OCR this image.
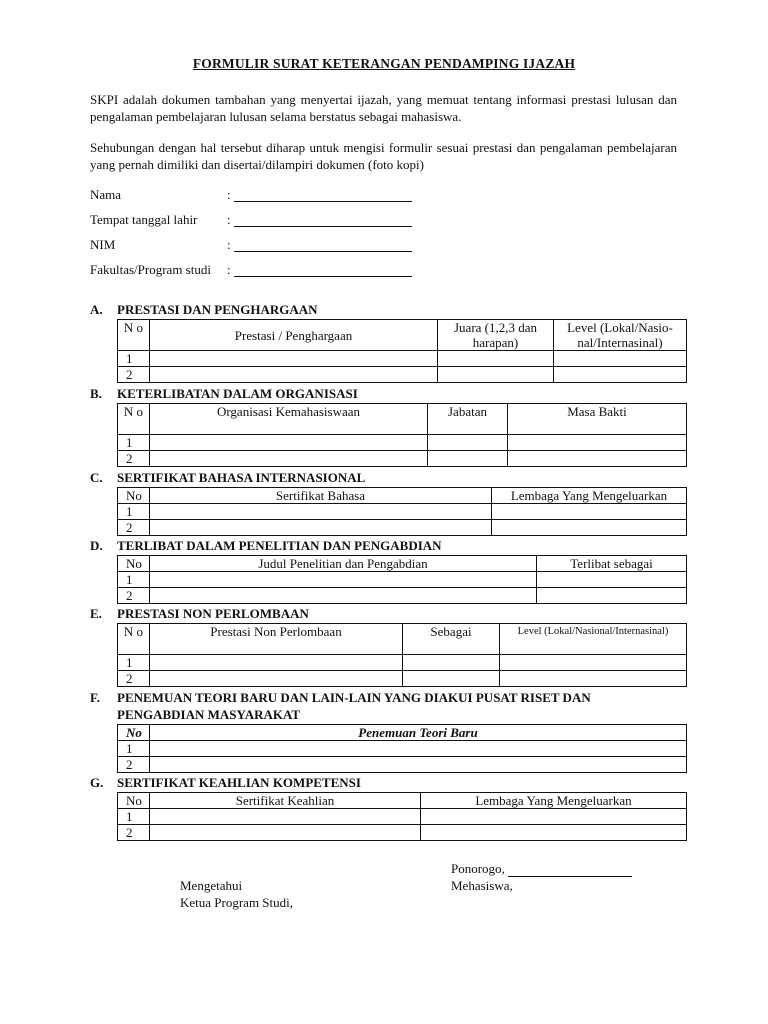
FORMULIR SURAT KETERANGAN PENDAMPING IJAZAH
SKPI adalah dokumen tambahan yang menyertai ijazah, yang memuat tentang informasi prestasi lulusan dan pengalaman pembelajaran lulusan selama berstatus sebagai mahasiswa.
Sehubungan dengan hal tersebut diharap untuk mengisi formulir sesuai prestasi dan pengalaman pembelajaran yang pernah dimiliki dan disertai/dilampiri dokumen (foto kopi)
Nama	:
Tempat tanggal lahir :
NIM	:
Fakultas/Program studi :
A. PRESTASI DAN PENGHARGAAN
N o	Prestasi / Penghargaan	Juara (1,2,3 dan harapan)	Level (Lokal/Nasio-nal/Internasinal)
1			
2			
B. KETERLIBATAN DALAM ORGANISASI
N o	Organisasi Kemahasiswaan	Jabatan	Masa Bakti
1			
2			
C. SERTIFIKAT BAHASA INTERNASIONAL
No	Sertifikat Bahasa	Lembaga Yang Mengeluarkan
1		
2		
D. TERLIBAT DALAM PENELITIAN DAN PENGABDIAN
No	Judul Penelitian dan Pengabdian	Terlibat sebagai
1		
2		
E. PRESTASI NON PERLOMBAAN
N o	Prestasi Non Perlombaan	Sebagai	Level (Lokal/Nasional/Internasinal)
1			
2			
F. PENEMUAN TEORI BARU DAN LAIN-LAIN YANG DIAKUI PUSAT RISET DAN
PENGABDIAN MASYARAKAT
No	Penemuan Teori Baru
1	
2	
G. SERTIFIKAT KEAHLIAN KOMPETENSI
No	Sertifikat Keahlian	Lembaga Yang Mengeluarkan
1		
2		
Ponorogo,
Mehasiswa,
Mengetahui
Ketua Program Studi,
